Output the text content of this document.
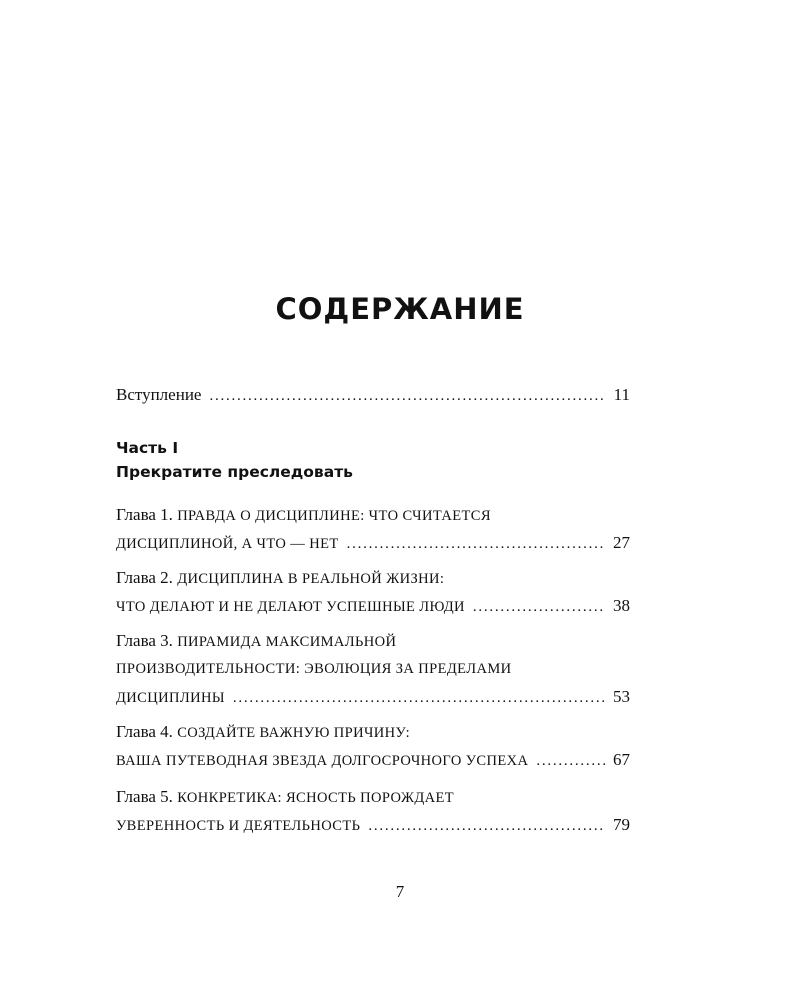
СОДЕРЖАНИЕ
Вступление . . .	11
Часть I
Прекратите преследовать
Глава 1. ПРАВДА О ДИСЦИПЛИНЕ: ЧТО СЧИТАЕТСЯ
ДИСЦИПЛИНОЙ, А ЧТО — НЕТ . . .	27
Глава 2. ДИСЦИПЛИНА В РЕАЛЬНОЙ ЖИЗНИ:
ЧТО ДЕЛАЮТ И НЕ ДЕЛАЮТ УСПЕШНЫЕ ЛЮДИ . . .	38
Глава 3. ПИРАМИДА МАКСИМАЛЬНОЙ
ПРОИЗВОДИТЕЛЬНОСТИ: ЭВОЛЮЦИЯ ЗА ПРЕДЕЛАМИ
ДИСЦИПЛИНЫ . . .	53
Глава 4. СОЗДАЙТЕ ВАЖНУЮ ПРИЧИНУ:
ВАША ПУТЕВОДНАЯ ЗВЕЗДА ДОЛГОСРОЧНОГО УСПЕХА . . .	67
Глава 5. КОНКРЕТИКА: ЯСНОСТЬ ПОРОЖДАЕТ
УВЕРЕННОСТЬ И ДЕЯТЕЛЬНОСТЬ . . .	79
7
